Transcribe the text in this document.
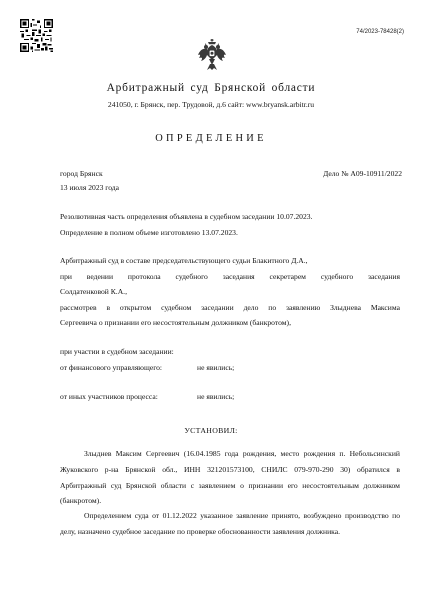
74/2023-78428(2)
Арбитражный суд Брянской области
241050, г. Брянск, пер. Трудовой, д.6 сайт: www.bryansk.arbitr.ru
ОПРЕДЕЛЕНИЕ
город Брянск	Дело № А09-10911/2022
13 июля 2023 года
Резолютивная часть определения объявлена в судебном заседании 10.07.2023.
Определение в полном объеме изготовлено 13.07.2023.
Арбитражный суд в составе председательствующего судьи Блакитного Д.А.,
при ведении протокола судебного заседания секретарем судебного заседания
Солдатенковой К.А.,
рассмотрев в открытом судебном заседании дело по заявлению Злыднева Максима
Сергеевича о признании его несостоятельным должником (банкротом),
при участии в судебном заседании:
от финансового управляющего:	не явились;
от иных участников процесса:	не явились;
УСТАНОВИЛ:
Злыднев Максим Сергеевич (16.04.1985 года рождения, место рождения п. Небольсинский Жуковского р-на Брянской обл., ИНН 321201573100, СНИЛС 079-970-290 30) обратился в Арбитражный суд Брянской области с заявлением о признании его несостоятельным должником (банкротом).
Определением суда от 01.12.2022 указанное заявление принято, возбуждено производство по делу, назначено судебное заседание по проверке обоснованности заявления должника.
